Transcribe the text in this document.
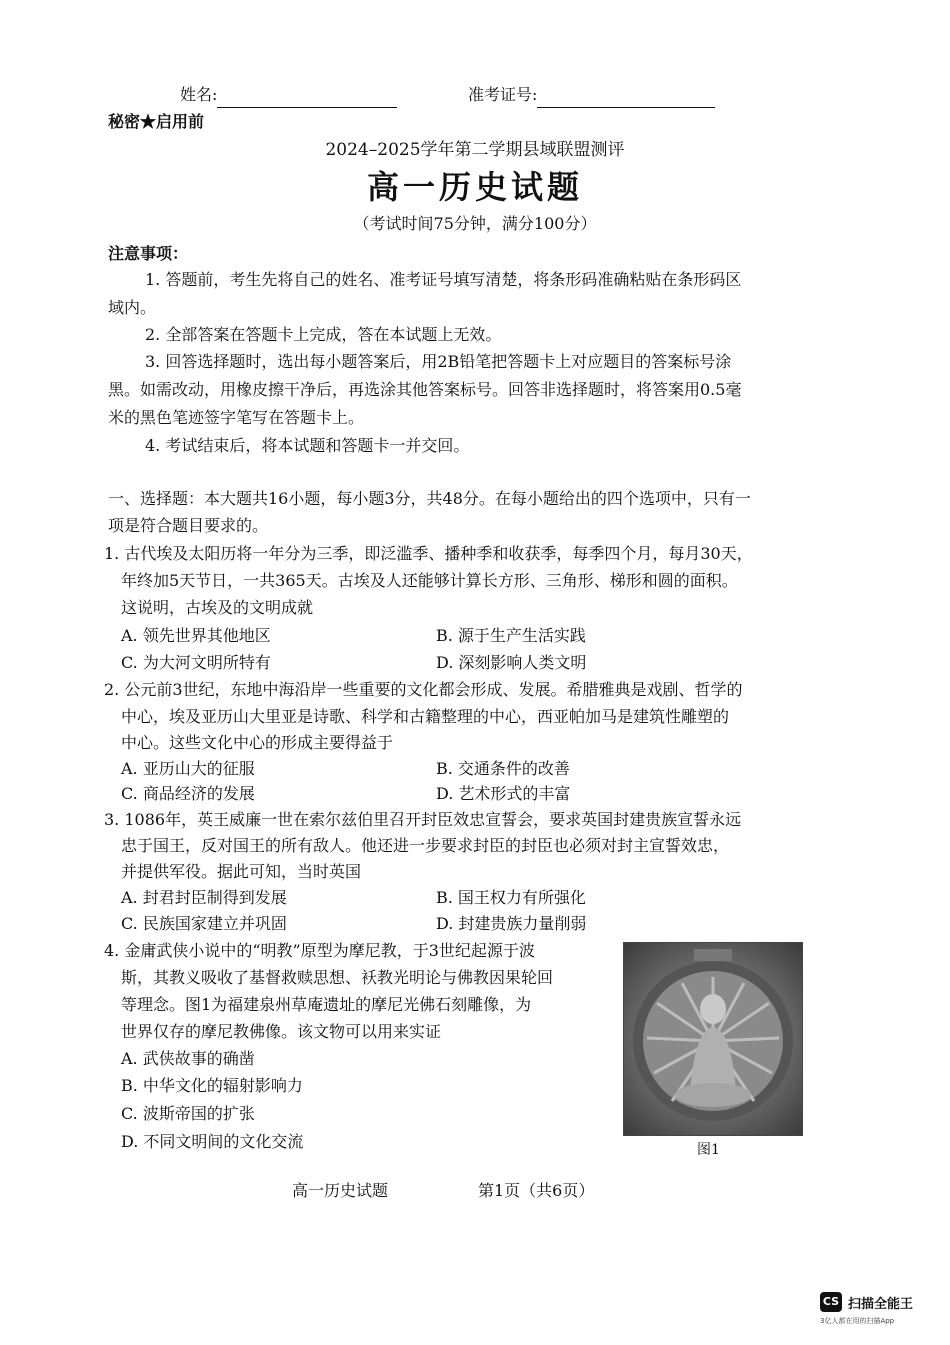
姓名:	准考证号:
秘密★启用前
2024–2025学年第二学期县域联盟测评
高一历史试题
（考试时间75分钟，满分100分）
注意事项：
1. 答题前，考生先将自己的姓名、准考证号填写清楚，将条形码准确粘贴在条形码区
域内。
2. 全部答案在答题卡上完成，答在本试题上无效。
3. 回答选择题时，选出每小题答案后，用2B铅笔把答题卡上对应题目的答案标号涂
黑。如需改动，用橡皮擦干净后，再选涂其他答案标号。回答非选择题时，将答案用0.5毫
米的黑色笔迹签字笔写在答题卡上。
4. 考试结束后，将本试题和答题卡一并交回。
一、选择题：本大题共16小题，每小题3分，共48分。在每小题给出的四个选项中，只有一
项是符合题目要求的。
1. 古代埃及太阳历将一年分为三季，即泛滥季、播种季和收获季，每季四个月，每月30天，
年终加5天节日，一共365天。古埃及人还能够计算长方形、三角形、梯形和圆的面积。
这说明，古埃及的文明成就
A. 领先世界其他地区	B. 源于生产生活实践
C. 为大河文明所特有	D. 深刻影响人类文明
2. 公元前3世纪，东地中海沿岸一些重要的文化都会形成、发展。希腊雅典是戏剧、哲学的
中心，埃及亚历山大里亚是诗歌、科学和古籍整理的中心，西亚帕加马是建筑性雕塑的
中心。这些文化中心的形成主要得益于
A. 亚历山大的征服	B. 交通条件的改善
C. 商品经济的发展	D. 艺术形式的丰富
3. 1086年，英王威廉一世在索尔兹伯里召开封臣效忠宣誓会，要求英国封建贵族宣誓永远
忠于国王，反对国王的所有敌人。他还进一步要求封臣的封臣也必须对封主宣誓效忠，
并提供军役。据此可知，当时英国
A. 封君封臣制得到发展	B. 国王权力有所强化
C. 民族国家建立并巩固	D. 封建贵族力量削弱
4. 金庸武侠小说中的“明教”原型为摩尼教，于3世纪起源于波
斯，其教义吸收了基督救赎思想、袄教光明论与佛教因果轮回
等理念。图1为福建泉州草庵遗址的摩尼光佛石刻雕像，为
世界仅存的摩尼教佛像。该文物可以用来实证
A. 武侠故事的确凿
B. 中华文化的辐射影响力
C. 波斯帝国的扩张
D. 不同文明间的文化交流	图1
高一历史试题	第1页（共6页）
CS 扫描全能王
3亿人都在用的扫描App
